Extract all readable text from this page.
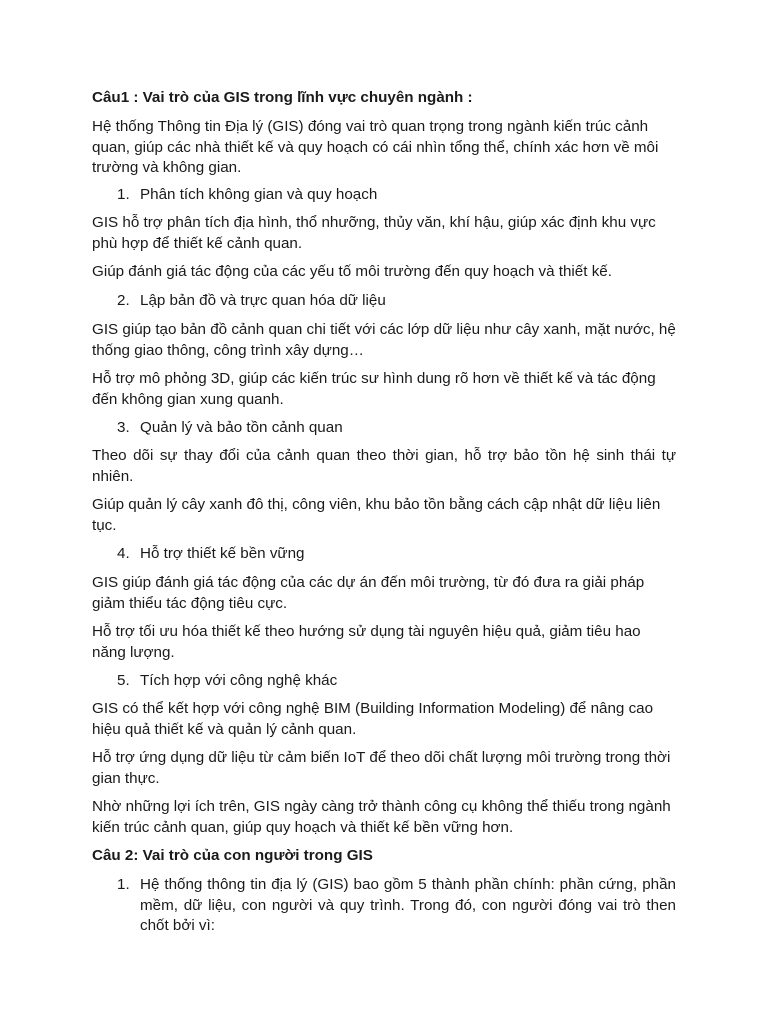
Câu1 : Vai trò của GIS trong lĩnh vực chuyên ngành :
Hệ thống Thông tin Địa lý (GIS) đóng vai trò quan trọng trong ngành kiến trúc cảnh quan, giúp các nhà thiết kế và quy hoạch có cái nhìn tổng thể, chính xác hơn về môi trường và không gian.
1. Phân tích không gian và quy hoạch
GIS hỗ trợ phân tích địa hình, thổ nhưỡng, thủy văn, khí hậu, giúp xác định khu vực phù hợp để thiết kế cảnh quan.
Giúp đánh giá tác động của các yếu tố môi trường đến quy hoạch và thiết kế.
2. Lập bản đồ và trực quan hóa dữ liệu
GIS giúp tạo bản đồ cảnh quan chi tiết với các lớp dữ liệu như cây xanh, mặt nước, hệ thống giao thông, công trình xây dựng…
Hỗ trợ mô phỏng 3D, giúp các kiến trúc sư hình dung rõ hơn về thiết kế và tác động đến không gian xung quanh.
3. Quản lý và bảo tồn cảnh quan
Theo dõi sự thay đổi của cảnh quan theo thời gian, hỗ trợ bảo tồn hệ sinh thái tự nhiên.
Giúp quản lý cây xanh đô thị, công viên, khu bảo tồn bằng cách cập nhật dữ liệu liên tục.
4. Hỗ trợ thiết kế bền vững
GIS giúp đánh giá tác động của các dự án đến môi trường, từ đó đưa ra giải pháp giảm thiểu tác động tiêu cực.
Hỗ trợ tối ưu hóa thiết kế theo hướng sử dụng tài nguyên hiệu quả, giảm tiêu hao năng lượng.
5. Tích hợp với công nghệ khác
GIS có thể kết hợp với công nghệ BIM (Building Information Modeling) để nâng cao hiệu quả thiết kế và quản lý cảnh quan.
Hỗ trợ ứng dụng dữ liệu từ cảm biến IoT để theo dõi chất lượng môi trường trong thời gian thực.
Nhờ những lợi ích trên, GIS ngày càng trở thành công cụ không thể thiếu trong ngành kiến trúc cảnh quan, giúp quy hoạch và thiết kế bền vững hơn.
Câu 2: Vai trò của con người trong GIS
1. Hệ thống thông tin địa lý (GIS) bao gồm 5 thành phần chính: phần cứng, phần mềm, dữ liệu, con người và quy trình. Trong đó, con người đóng vai trò then chốt bởi vì:
